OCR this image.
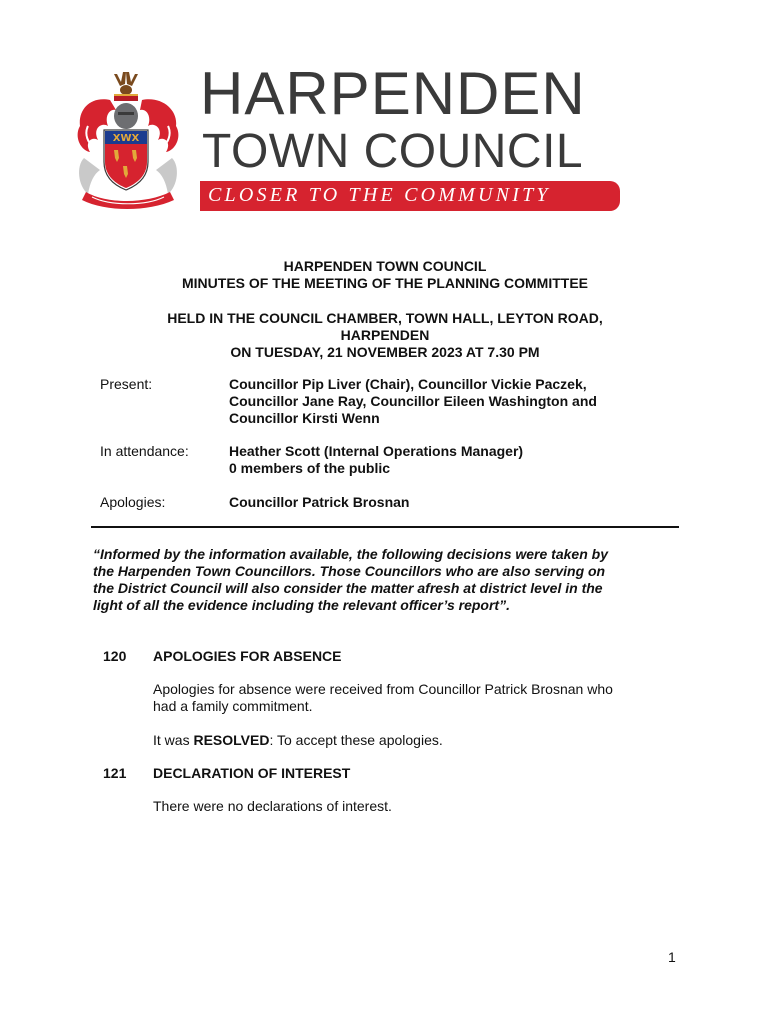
XWX
HARPENDEN
TOWN COUNCIL
CLOSER TO THE COMMUNITY
HARPENDEN TOWN COUNCIL
MINUTES OF THE MEETING OF THE PLANNING COMMITTEE
HELD IN THE COUNCIL CHAMBER, TOWN HALL, LEYTON ROAD,
HARPENDEN
ON TUESDAY, 21 NOVEMBER 2023 AT 7.30 PM
Present:	Councillor Pip Liver (Chair), Councillor Vickie Paczek,
Councillor Jane Ray, Councillor Eileen Washington and
Councillor Kirsti Wenn
In attendance:	Heather Scott (Internal Operations Manager)
0 members of the public
Apologies:	Councillor Patrick Brosnan
“Informed by the information available, the following decisions were taken by
the Harpenden Town Councillors. Those Councillors who are also serving on
the District Council will also consider the matter afresh at district level in the
light of all the evidence including the relevant officer’s report”.
120 APOLOGIES FOR ABSENCE
Apologies for absence were received from Councillor Patrick Brosnan who
had a family commitment.
It was RESOLVED: To accept these apologies.
121 DECLARATION OF INTEREST
There were no declarations of interest.
1
